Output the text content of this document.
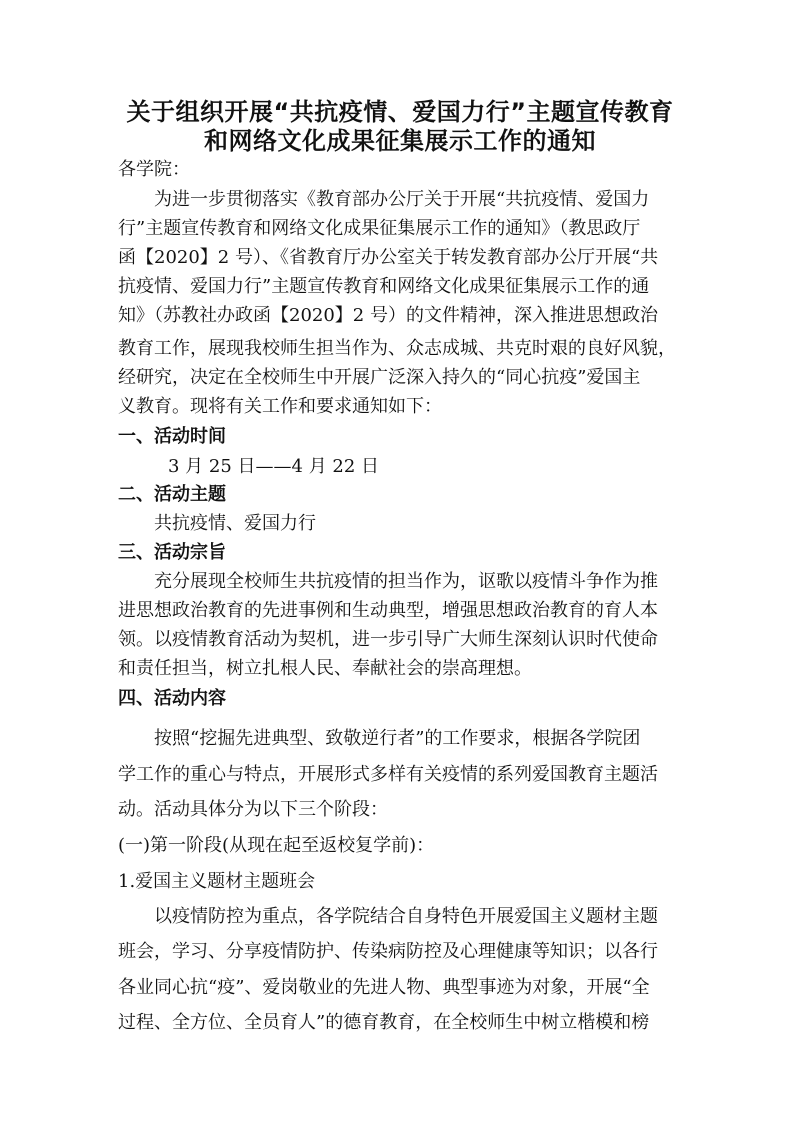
关于组织开展“共抗疫情、爱国力行”主题宣传教育
和网络文化成果征集展示工作的通知
各学院：
为进一步贯彻落实《教育部办公厅关于开展“共抗疫情、爱国力
行”主题宣传教育和网络文化成果征集展示工作的通知》（教思政厅
函【2020】2 号）、《省教育厅办公室关于转发教育部办公厅开展“共
抗疫情、爱国力行”主题宣传教育和网络文化成果征集展示工作的通
知》（苏教社办政函【2020】2 号）的文件精神，深入推进思想政治
教育工作，展现我校师生担当作为、众志成城、共克时艰的良好风貌，
经研究，决定在全校师生中开展广泛深入持久的“同心抗疫”爱国主
义教育。现将有关工作和要求通知如下：
一、活动时间
3 月 25 日——4 月 22 日
二、活动主题
共抗疫情、爱国力行
三、活动宗旨
充分展现全校师生共抗疫情的担当作为，讴歌以疫情斗争作为推
进思想政治教育的先进事例和生动典型，增强思想政治教育的育人本
领。以疫情教育活动为契机，进一步引导广大师生深刻认识时代使命
和责任担当，树立扎根人民、奉献社会的崇高理想。
四、活动内容
按照“挖掘先进典型、致敬逆行者”的工作要求，根据各学院团
学工作的重心与特点，开展形式多样有关疫情的系列爱国教育主题活
动。活动具体分为以下三个阶段：
(一)第一阶段(从现在起至返校复学前)：
1.爱国主义题材主题班会
以疫情防控为重点，各学院结合自身特色开展爱国主义题材主题
班会，学习、分享疫情防护、传染病防控及心理健康等知识；以各行
各业同心抗“疫”、爱岗敬业的先进人物、典型事迹为对象，开展“全
过程、全方位、全员育人”的德育教育，在全校师生中树立楷模和榜
